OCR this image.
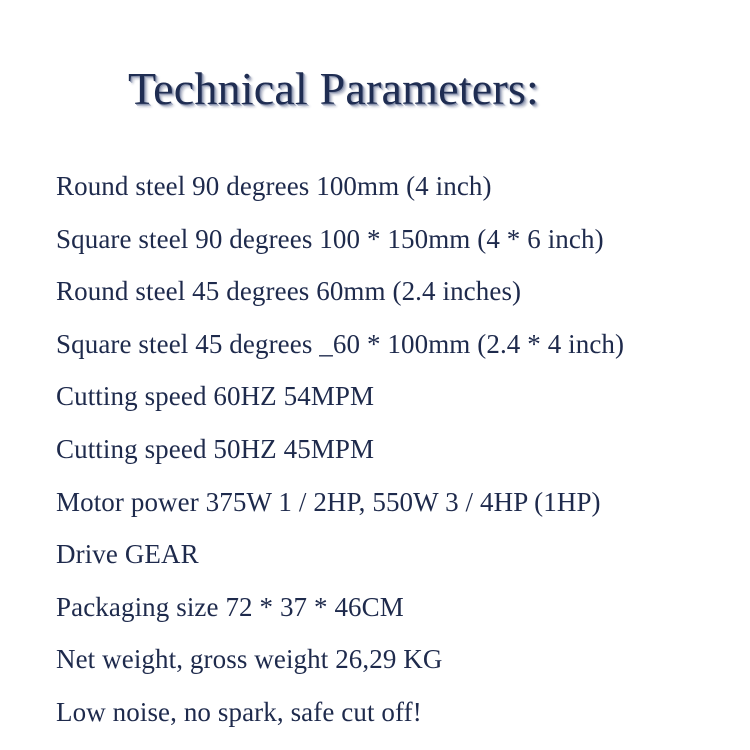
Technical Parameters:
Round steel 90 degrees 100mm (4 inch)
Square steel 90 degrees 100 * 150mm (4 * 6 inch)
Round steel 45 degrees 60mm (2.4 inches)
Square steel 45 degrees _60 * 100mm (2.4 * 4 inch)
Cutting speed 60HZ 54MPM
Cutting speed 50HZ 45MPM
Motor power 375W 1 / 2HP, 550W 3 / 4HP (1HP)
Drive GEAR
Packaging size 72 * 37 * 46CM
Net weight, gross weight 26,29 KG
Low noise, no spark, safe cut off!
